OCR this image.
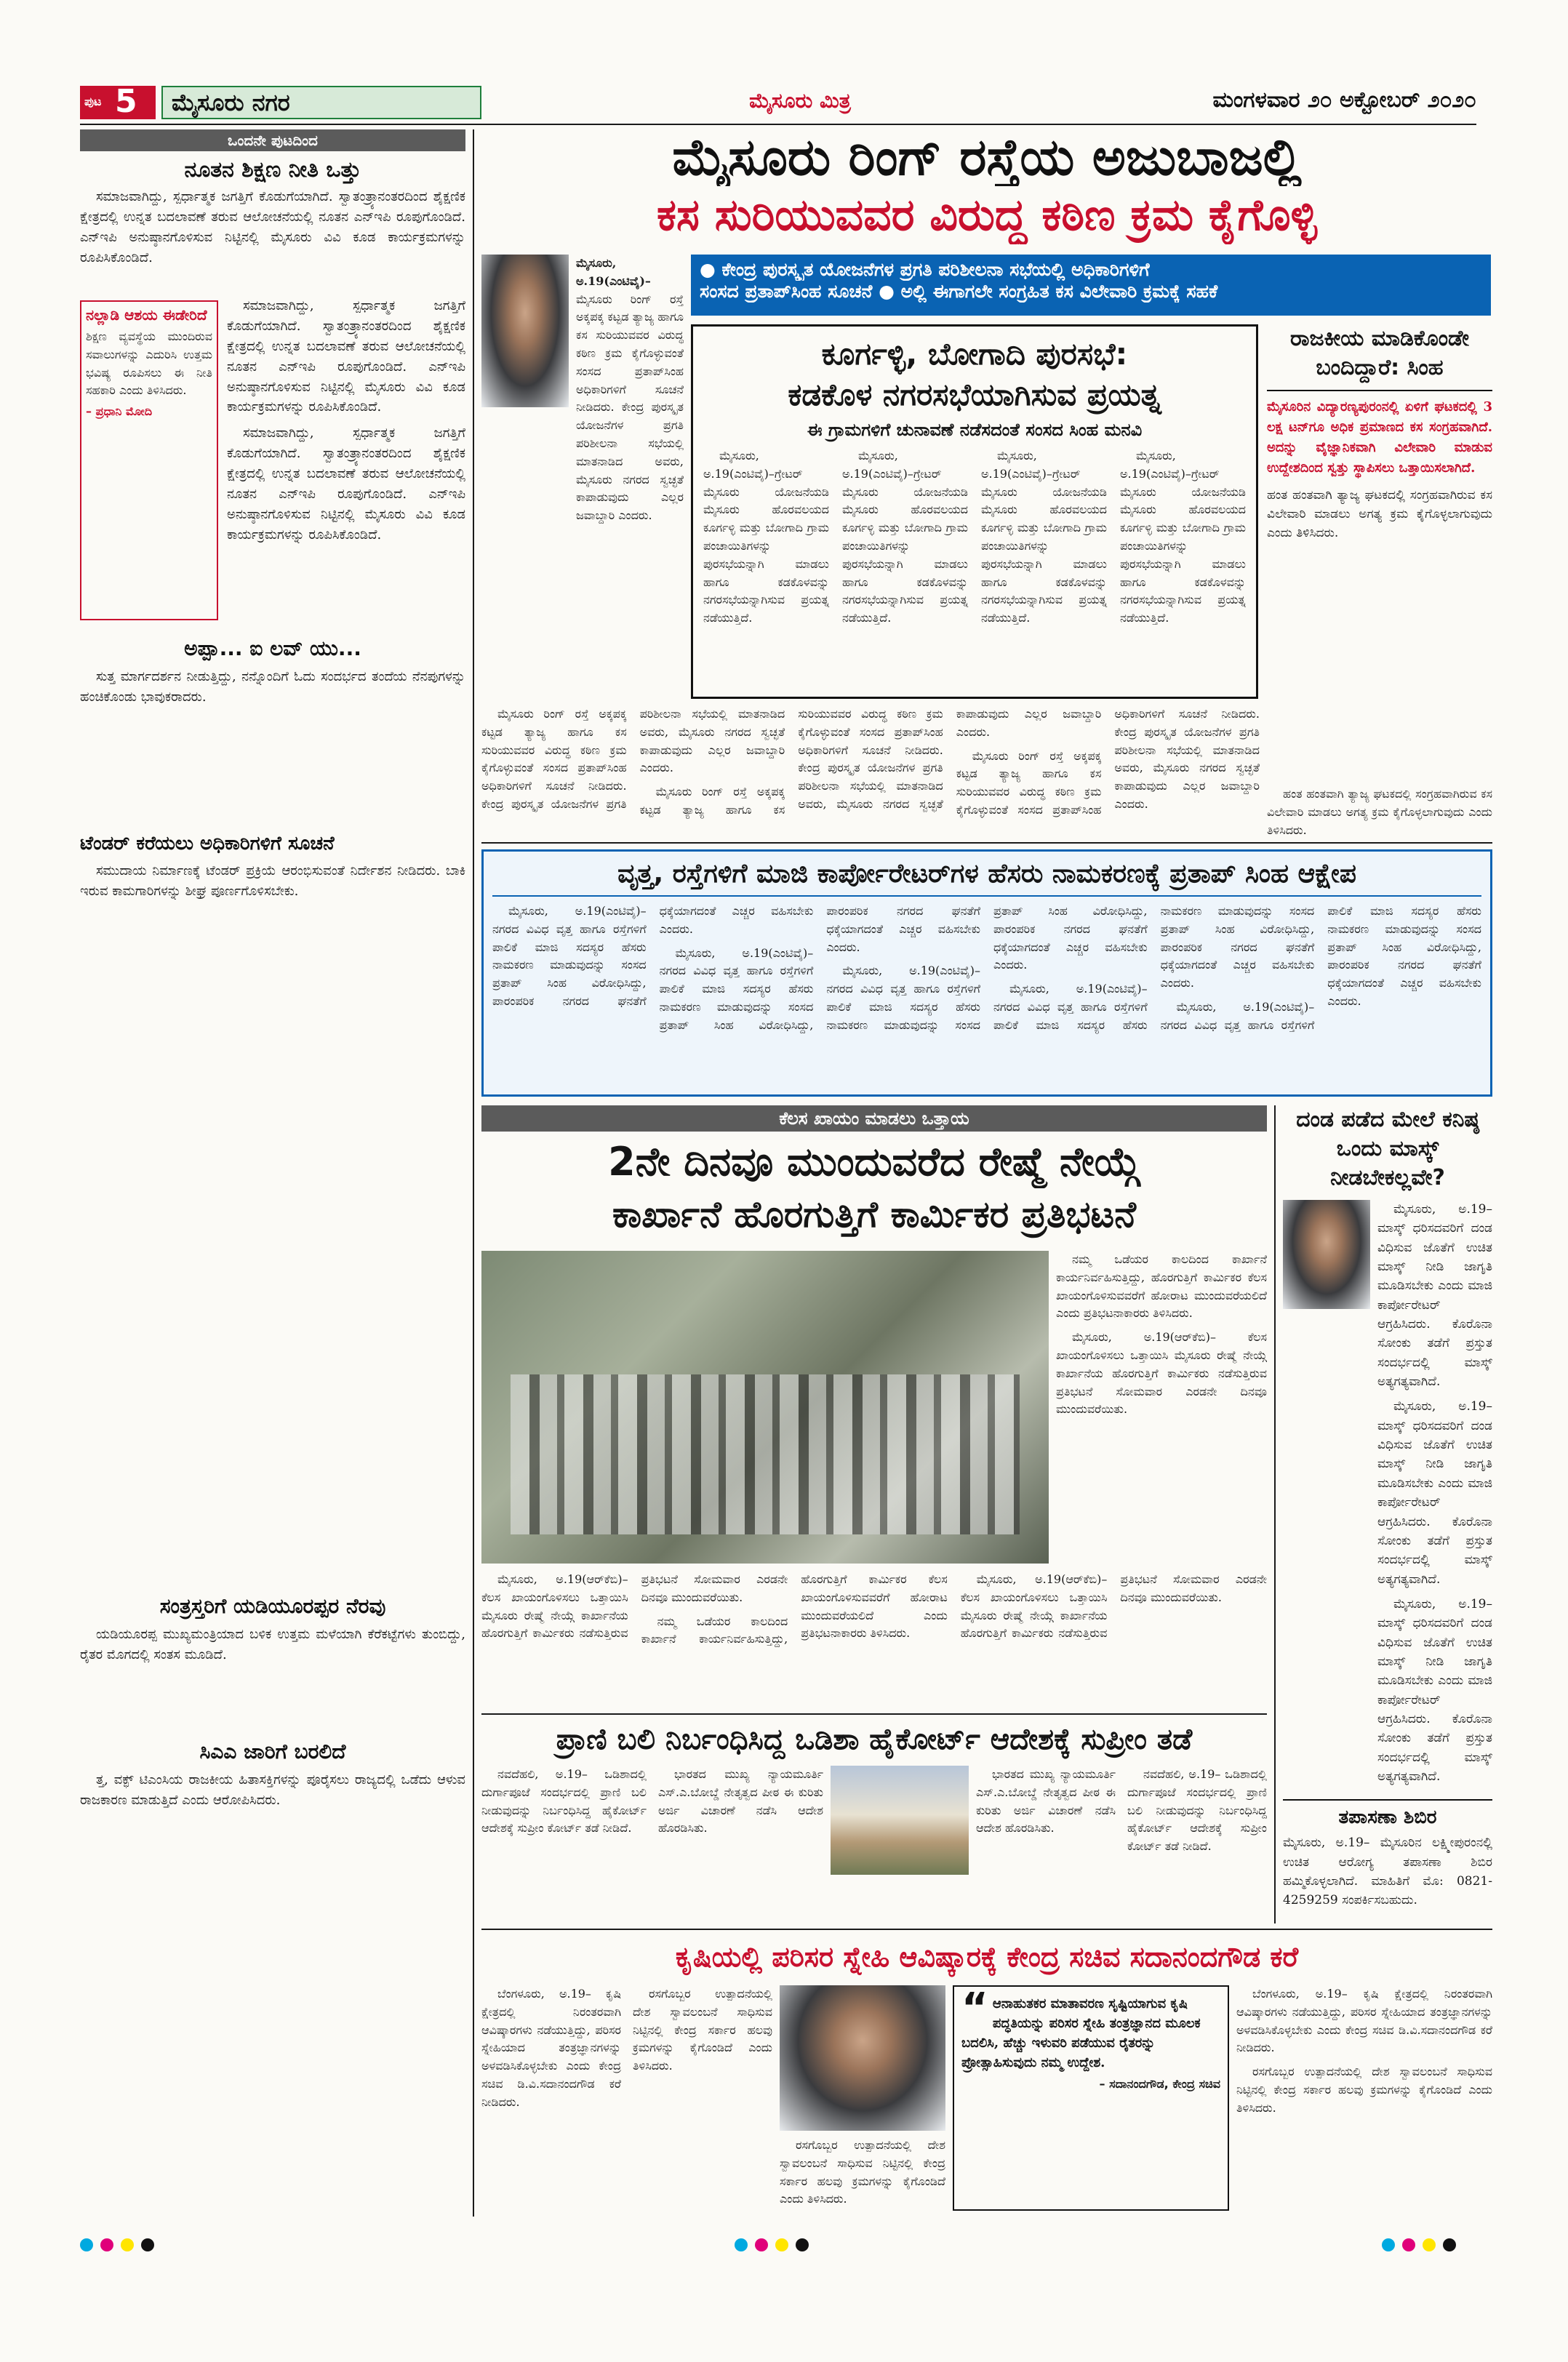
ಪುಟ 5	ಮೈಸೂರು ನಗರ	ಮೈಸೂರು ಮಿತ್ರ	ಮಂಗಳವಾರ ೨೦ ಅಕ್ಟೋಬರ್ ೨೦೨೦
ಒಂದನೇ ಪುಟದಿಂದ
ನೂತನ ಶಿಕ್ಷಣ ನೀತಿ ಒತ್ತು

ಸಮಾಜವಾಗಿದ್ದು, ಸ್ಪರ್ಧಾತ್ಮಕ ಜಗತ್ತಿಗೆ ಕೊಡುಗೆಯಾಗಿದೆ. ಸ್ವಾತಂತ್ರ್ಯಾನಂತರದಿಂದ ಶೈಕ್ಷಣಿಕ ಕ್ಷೇತ್ರದಲ್ಲಿ ಉನ್ನತ ಬದಲಾವಣೆ ತರುವ ಆಲೋಚನೆಯಲ್ಲಿ ನೂತನ ಎನ್‌ಇಪಿ ರೂಪುಗೊಂಡಿದೆ. ಎನ್‌ಇಪಿ ಅನುಷ್ಠಾನಗೊಳಿಸುವ ನಿಟ್ಟಿನಲ್ಲಿ ಮೈಸೂರು ವಿವಿ ಕೂಡ ಕಾರ್ಯಕ್ರಮಗಳನ್ನು ರೂಪಿಸಿಕೊಂಡಿದೆ.

ನಲ್ಲಾಡಿ ಆಶಯ ಈಡೇರಿದೆ
ಶಿಕ್ಷಣ ವ್ಯವಸ್ಥೆಯ ಮುಂದಿರುವ ಸವಾಲುಗಳನ್ನು ಎದುರಿಸಿ ಉತ್ತಮ ಭವಿಷ್ಯ ರೂಪಿಸಲು ಈ ನೀತಿ ಸಹಕಾರಿ ಎಂದು ತಿಳಿಸಿದರು.
– ಪ್ರಧಾನಿ ಮೋದಿ

ಸಮಾಜವಾಗಿದ್ದು, ಸ್ಪರ್ಧಾತ್ಮಕ ಜಗತ್ತಿಗೆ ಕೊಡುಗೆಯಾಗಿದೆ. ಸ್ವಾತಂತ್ರ್ಯಾನಂತರದಿಂದ ಶೈಕ್ಷಣಿಕ ಕ್ಷೇತ್ರದಲ್ಲಿ ಉನ್ನತ ಬದಲಾವಣೆ ತರುವ ಆಲೋಚನೆಯಲ್ಲಿ ನೂತನ ಎನ್‌ಇಪಿ ರೂಪುಗೊಂಡಿದೆ. ಎನ್‌ಇಪಿ ಅನುಷ್ಠಾನಗೊಳಿಸುವ ನಿಟ್ಟಿನಲ್ಲಿ ಮೈಸೂರು ವಿವಿ ಕೂಡ ಕಾರ್ಯಕ್ರಮಗಳನ್ನು ರೂಪಿಸಿಕೊಂಡಿದೆ.

ಸಮಾಜವಾಗಿದ್ದು, ಸ್ಪರ್ಧಾತ್ಮಕ ಜಗತ್ತಿಗೆ ಕೊಡುಗೆಯಾಗಿದೆ. ಸ್ವಾತಂತ್ರ್ಯಾನಂತರದಿಂದ ಶೈಕ್ಷಣಿಕ ಕ್ಷೇತ್ರದಲ್ಲಿ ಉನ್ನತ ಬದಲಾವಣೆ ತರುವ ಆಲೋಚನೆಯಲ್ಲಿ ನೂತನ ಎನ್‌ಇಪಿ ರೂಪುಗೊಂಡಿದೆ. ಎನ್‌ಇಪಿ ಅನುಷ್ಠಾನಗೊಳಿಸುವ ನಿಟ್ಟಿನಲ್ಲಿ ಮೈಸೂರು ವಿವಿ ಕೂಡ ಕಾರ್ಯಕ್ರಮಗಳನ್ನು ರೂಪಿಸಿಕೊಂಡಿದೆ.

ಅಪ್ಪಾ... ಐ ಲವ್ ಯು...

ಸುತ್ತ ಮಾರ್ಗದರ್ಶನ ನೀಡುತ್ತಿದ್ದು, ನನ್ನೊಂದಿಗೆ ಓದು ಸಂದರ್ಭದ ತಂದೆಯ ನೆನಪುಗಳನ್ನು ಹಂಚಿಕೊಂಡು ಭಾವುಕರಾದರು.

ಟೆಂಡರ್ ಕರೆಯಲು ಅಧಿಕಾರಿಗಳಿಗೆ ಸೂಚನೆ

ಸಮುದಾಯ ನಿರ್ಮಾಣಕ್ಕೆ ಟೆಂಡರ್ ಪ್ರಕ್ರಿಯೆ ಆರಂಭಿಸುವಂತೆ ನಿರ್ದೇಶನ ನೀಡಿದರು. ಬಾಕಿ ಇರುವ ಕಾಮಗಾರಿಗಳನ್ನು ಶೀಘ್ರ ಪೂರ್ಣಗೊಳಿಸಬೇಕು.

ಸಂತ್ರಸ್ತರಿಗೆ ಯಡಿಯೂರಪ್ಪರ ನೆರವು

ಯಡಿಯೂರಪ್ಪ ಮುಖ್ಯಮಂತ್ರಿಯಾದ ಬಳಿಕ ಉತ್ತಮ ಮಳೆಯಾಗಿ ಕೆರೆಕಟ್ಟೆಗಳು ತುಂಬಿದ್ದು, ರೈತರ ಮೊಗದಲ್ಲಿ ಸಂತಸ ಮೂಡಿದೆ.

ಸಿಎಎ ಜಾರಿಗೆ ಬರಲಿದೆ

ತ್ತ, ವಕ್ಫ್ ಟಿಎಂಸಿಯ ರಾಜಕೀಯ ಹಿತಾಸಕ್ತಿಗಳನ್ನು ಪೂರೈಸಲು ರಾಜ್ಯದಲ್ಲಿ ಒಡೆದು ಆಳುವ ರಾಜಕಾರಣ ಮಾಡುತ್ತಿದೆ ಎಂದು ಆರೋಪಿಸಿದರು.

ಮೈಸೂರು ರಿಂಗ್ ರಸ್ತೆಯ ಅಜುಬಾಜಲ್ಲಿ
ಕಸ ಸುರಿಯುವವರ ವಿರುದ್ಧ ಕಠಿಣ ಕ್ರಮ ಕೈಗೊಳ್ಳಿ
ಮೈಸೂರು, ಅ.19(ಎಂಟಿವೈ)– ಮೈಸೂರು ರಿಂಗ್ ರಸ್ತೆ ಅಕ್ಕಪಕ್ಕ ಕಟ್ಟಡ ತ್ಯಾಜ್ಯ ಹಾಗೂ ಕಸ ಸುರಿಯುವವರ ವಿರುದ್ಧ ಕಠಿಣ ಕ್ರಮ ಕೈಗೊಳ್ಳುವಂತೆ ಸಂಸದ ಪ್ರತಾಪ್‌ಸಿಂಹ ಅಧಿಕಾರಿಗಳಿಗೆ ಸೂಚನೆ ನೀಡಿದರು. ಕೇಂದ್ರ ಪುರಸ್ಕೃತ ಯೋಜನೆಗಳ ಪ್ರಗತಿ ಪರಿಶೀಲನಾ ಸಭೆಯಲ್ಲಿ ಮಾತನಾಡಿದ ಅವರು, ಮೈಸೂರು ನಗರದ ಸ್ವಚ್ಛತೆ ಕಾಪಾಡುವುದು ಎಲ್ಲರ ಜವಾಬ್ದಾರಿ ಎಂದರು.
● ಕೇಂದ್ರ ಪುರಸ್ಕೃತ ಯೋಜನೆಗಳ ಪ್ರಗತಿ ಪರಿಶೀಲನಾ ಸಭೆಯಲ್ಲಿ ಅಧಿಕಾರಿಗಳಿಗೆ
ಸಂಸದ ಪ್ರತಾಪ್‌ಸಿಂಹ ಸೂಚನೆ ● ಅಲ್ಲಿ ಈಗಾಗಲೇ ಸಂಗ್ರಹಿತ ಕಸ ವಿಲೇವಾರಿ ಕ್ರಮಕ್ಕೆ ಸಹಕೆ
ಕೂರ್ಗಳ್ಳಿ, ಬೋಗಾದಿ ಪುರಸಭೆ:
ಕಡಕೊಳ ನಗರಸಭೆಯಾಗಿಸುವ ಪ್ರಯತ್ನ
ಈ ಗ್ರಾಮಗಳಿಗೆ ಚುನಾವಣೆ ನಡೆಸದಂತೆ ಸಂಸದ ಸಿಂಹ ಮನವಿ

ಮೈಸೂರು, ಅ.19(ಎಂಟಿವೈ)–ಗ್ರೇಟರ್ ಮೈಸೂರು ಯೋಜನೆಯಡಿ ಮೈಸೂರು ಹೊರವಲಯದ ಕೂರ್ಗಳ್ಳಿ ಮತ್ತು ಬೋಗಾದಿ ಗ್ರಾಮ ಪಂಚಾಯಿತಿಗಳನ್ನು ಪುರಸಭೆಯನ್ನಾಗಿ ಮಾಡಲು ಹಾಗೂ ಕಡಕೊಳವನ್ನು ನಗರಸಭೆಯನ್ನಾಗಿಸುವ ಪ್ರಯತ್ನ ನಡೆಯುತ್ತಿದೆ.

ಮೈಸೂರು, ಅ.19(ಎಂಟಿವೈ)–ಗ್ರೇಟರ್ ಮೈಸೂರು ಯೋಜನೆಯಡಿ ಮೈಸೂರು ಹೊರವಲಯದ ಕೂರ್ಗಳ್ಳಿ ಮತ್ತು ಬೋಗಾದಿ ಗ್ರಾಮ ಪಂಚಾಯಿತಿಗಳನ್ನು ಪುರಸಭೆಯನ್ನಾಗಿ ಮಾಡಲು ಹಾಗೂ ಕಡಕೊಳವನ್ನು ನಗರಸಭೆಯನ್ನಾಗಿಸುವ ಪ್ರಯತ್ನ ನಡೆಯುತ್ತಿದೆ.

ಮೈಸೂರು, ಅ.19(ಎಂಟಿವೈ)–ಗ್ರೇಟರ್ ಮೈಸೂರು ಯೋಜನೆಯಡಿ ಮೈಸೂರು ಹೊರವಲಯದ ಕೂರ್ಗಳ್ಳಿ ಮತ್ತು ಬೋಗಾದಿ ಗ್ರಾಮ ಪಂಚಾಯಿತಿಗಳನ್ನು ಪುರಸಭೆಯನ್ನಾಗಿ ಮಾಡಲು ಹಾಗೂ ಕಡಕೊಳವನ್ನು ನಗರಸಭೆಯನ್ನಾಗಿಸುವ ಪ್ರಯತ್ನ ನಡೆಯುತ್ತಿದೆ.

ಮೈಸೂರು, ಅ.19(ಎಂಟಿವೈ)–ಗ್ರೇಟರ್ ಮೈಸೂರು ಯೋಜನೆಯಡಿ ಮೈಸೂರು ಹೊರವಲಯದ ಕೂರ್ಗಳ್ಳಿ ಮತ್ತು ಬೋಗಾದಿ ಗ್ರಾಮ ಪಂಚಾಯಿತಿಗಳನ್ನು ಪುರಸಭೆಯನ್ನಾಗಿ ಮಾಡಲು ಹಾಗೂ ಕಡಕೊಳವನ್ನು ನಗರಸಭೆಯನ್ನಾಗಿಸುವ ಪ್ರಯತ್ನ ನಡೆಯುತ್ತಿದೆ.

ರಾಜಕೀಯ ಮಾಡಿಕೊಂಡೇ ಬಂದಿದ್ದಾರೆ: ಸಿಂಹ
ಮೈಸೂರಿನ ವಿದ್ಯಾರಣ್ಯಪುರಂನಲ್ಲಿ ಏಳಿಗೆ ಘಟಕದಲ್ಲಿ 3 ಲಕ್ಷ ಟನ್‌ಗೂ ಅಧಿಕ ಪ್ರಮಾಣದ ಕಸ ಸಂಗ್ರಹವಾಗಿದೆ. ಅದನ್ನು ವೈಜ್ಞಾನಿಕವಾಗಿ ವಿಲೇವಾರಿ ಮಾಡುವ ಉದ್ದೇಶದಿಂದ ಸ್ವತ್ತು ಸ್ಥಾಪಿಸಲು ಒತ್ತಾಯಿಸಲಾಗಿದೆ.
ಹಂತ ಹಂತವಾಗಿ ತ್ಯಾಜ್ಯ ಘಟಕದಲ್ಲಿ ಸಂಗ್ರಹವಾಗಿರುವ ಕಸ ವಿಲೇವಾರಿ ಮಾಡಲು ಅಗತ್ಯ ಕ್ರಮ ಕೈಗೊಳ್ಳಲಾಗುವುದು ಎಂದು ತಿಳಿಸಿದರು.

ಮೈಸೂರು ರಿಂಗ್ ರಸ್ತೆ ಅಕ್ಕಪಕ್ಕ ಕಟ್ಟಡ ತ್ಯಾಜ್ಯ ಹಾಗೂ ಕಸ ಸುರಿಯುವವರ ವಿರುದ್ಧ ಕಠಿಣ ಕ್ರಮ ಕೈಗೊಳ್ಳುವಂತೆ ಸಂಸದ ಪ್ರತಾಪ್‌ಸಿಂಹ ಅಧಿಕಾರಿಗಳಿಗೆ ಸೂಚನೆ ನೀಡಿದರು. ಕೇಂದ್ರ ಪುರಸ್ಕೃತ ಯೋಜನೆಗಳ ಪ್ರಗತಿ ಪರಿಶೀಲನಾ ಸಭೆಯಲ್ಲಿ ಮಾತನಾಡಿದ ಅವರು, ಮೈಸೂರು ನಗರದ ಸ್ವಚ್ಛತೆ ಕಾಪಾಡುವುದು ಎಲ್ಲರ ಜವಾಬ್ದಾರಿ ಎಂದರು.

ಮೈಸೂರು ರಿಂಗ್ ರಸ್ತೆ ಅಕ್ಕಪಕ್ಕ ಕಟ್ಟಡ ತ್ಯಾಜ್ಯ ಹಾಗೂ ಕಸ ಸುರಿಯುವವರ ವಿರುದ್ಧ ಕಠಿಣ ಕ್ರಮ ಕೈಗೊಳ್ಳುವಂತೆ ಸಂಸದ ಪ್ರತಾಪ್‌ಸಿಂಹ ಅಧಿಕಾರಿಗಳಿಗೆ ಸೂಚನೆ ನೀಡಿದರು. ಕೇಂದ್ರ ಪುರಸ್ಕೃತ ಯೋಜನೆಗಳ ಪ್ರಗತಿ ಪರಿಶೀಲನಾ ಸಭೆಯಲ್ಲಿ ಮಾತನಾಡಿದ ಅವರು, ಮೈಸೂರು ನಗರದ ಸ್ವಚ್ಛತೆ ಕಾಪಾಡುವುದು ಎಲ್ಲರ ಜವಾಬ್ದಾರಿ ಎಂದರು.

ಮೈಸೂರು ರಿಂಗ್ ರಸ್ತೆ ಅಕ್ಕಪಕ್ಕ ಕಟ್ಟಡ ತ್ಯಾಜ್ಯ ಹಾಗೂ ಕಸ ಸುರಿಯುವವರ ವಿರುದ್ಧ ಕಠಿಣ ಕ್ರಮ ಕೈಗೊಳ್ಳುವಂತೆ ಸಂಸದ ಪ್ರತಾಪ್‌ಸಿಂಹ ಅಧಿಕಾರಿಗಳಿಗೆ ಸೂಚನೆ ನೀಡಿದರು. ಕೇಂದ್ರ ಪುರಸ್ಕೃತ ಯೋಜನೆಗಳ ಪ್ರಗತಿ ಪರಿಶೀಲನಾ ಸಭೆಯಲ್ಲಿ ಮಾತನಾಡಿದ ಅವರು, ಮೈಸೂರು ನಗರದ ಸ್ವಚ್ಛತೆ ಕಾಪಾಡುವುದು ಎಲ್ಲರ ಜವಾಬ್ದಾರಿ ಎಂದರು.

ಹಂತ ಹಂತವಾಗಿ ತ್ಯಾಜ್ಯ ಘಟಕದಲ್ಲಿ ಸಂಗ್ರಹವಾಗಿರುವ ಕಸ ವಿಲೇವಾರಿ ಮಾಡಲು ಅಗತ್ಯ ಕ್ರಮ ಕೈಗೊಳ್ಳಲಾಗುವುದು ಎಂದು ತಿಳಿಸಿದರು.

ವೃತ್ತ, ರಸ್ತೆಗಳಿಗೆ ಮಾಜಿ ಕಾರ್ಪೋರೇಟರ್‌ಗಳ ಹೆಸರು ನಾಮಕರಣಕ್ಕೆ ಪ್ರತಾಪ್ ಸಿಂಹ ಆಕ್ಷೇಪ

ಮೈಸೂರು, ಅ.19(ಎಂಟಿವೈ)– ನಗರದ ವಿವಿಧ ವೃತ್ತ ಹಾಗೂ ರಸ್ತೆಗಳಿಗೆ ಪಾಲಿಕೆ ಮಾಜಿ ಸದಸ್ಯರ ಹೆಸರು ನಾಮಕರಣ ಮಾಡುವುದನ್ನು ಸಂಸದ ಪ್ರತಾಪ್ ಸಿಂಹ ವಿರೋಧಿಸಿದ್ದು, ಪಾರಂಪರಿಕ ನಗರದ ಘನತೆಗೆ ಧಕ್ಕೆಯಾಗದಂತೆ ಎಚ್ಚರ ವಹಿಸಬೇಕು ಎಂದರು.

ಮೈಸೂರು, ಅ.19(ಎಂಟಿವೈ)– ನಗರದ ವಿವಿಧ ವೃತ್ತ ಹಾಗೂ ರಸ್ತೆಗಳಿಗೆ ಪಾಲಿಕೆ ಮಾಜಿ ಸದಸ್ಯರ ಹೆಸರು ನಾಮಕರಣ ಮಾಡುವುದನ್ನು ಸಂಸದ ಪ್ರತಾಪ್ ಸಿಂಹ ವಿರೋಧಿಸಿದ್ದು, ಪಾರಂಪರಿಕ ನಗರದ ಘನತೆಗೆ ಧಕ್ಕೆಯಾಗದಂತೆ ಎಚ್ಚರ ವಹಿಸಬೇಕು ಎಂದರು.

ಮೈಸೂರು, ಅ.19(ಎಂಟಿವೈ)– ನಗರದ ವಿವಿಧ ವೃತ್ತ ಹಾಗೂ ರಸ್ತೆಗಳಿಗೆ ಪಾಲಿಕೆ ಮಾಜಿ ಸದಸ್ಯರ ಹೆಸರು ನಾಮಕರಣ ಮಾಡುವುದನ್ನು ಸಂಸದ ಪ್ರತಾಪ್ ಸಿಂಹ ವಿರೋಧಿಸಿದ್ದು, ಪಾರಂಪರಿಕ ನಗರದ ಘನತೆಗೆ ಧಕ್ಕೆಯಾಗದಂತೆ ಎಚ್ಚರ ವಹಿಸಬೇಕು ಎಂದರು.

ಮೈಸೂರು, ಅ.19(ಎಂಟಿವೈ)– ನಗರದ ವಿವಿಧ ವೃತ್ತ ಹಾಗೂ ರಸ್ತೆಗಳಿಗೆ ಪಾಲಿಕೆ ಮಾಜಿ ಸದಸ್ಯರ ಹೆಸರು ನಾಮಕರಣ ಮಾಡುವುದನ್ನು ಸಂಸದ ಪ್ರತಾಪ್ ಸಿಂಹ ವಿರೋಧಿಸಿದ್ದು, ಪಾರಂಪರಿಕ ನಗರದ ಘನತೆಗೆ ಧಕ್ಕೆಯಾಗದಂತೆ ಎಚ್ಚರ ವಹಿಸಬೇಕು ಎಂದರು.

ಮೈಸೂರು, ಅ.19(ಎಂಟಿವೈ)– ನಗರದ ವಿವಿಧ ವೃತ್ತ ಹಾಗೂ ರಸ್ತೆಗಳಿಗೆ ಪಾಲಿಕೆ ಮಾಜಿ ಸದಸ್ಯರ ಹೆಸರು ನಾಮಕರಣ ಮಾಡುವುದನ್ನು ಸಂಸದ ಪ್ರತಾಪ್ ಸಿಂಹ ವಿರೋಧಿಸಿದ್ದು, ಪಾರಂಪರಿಕ ನಗರದ ಘನತೆಗೆ ಧಕ್ಕೆಯಾಗದಂತೆ ಎಚ್ಚರ ವಹಿಸಬೇಕು ಎಂದರು.

ಕೆಲಸ ಖಾಯಂ ಮಾಡಲು ಒತ್ತಾಯ
2ನೇ ದಿನವೂ ಮುಂದುವರೆದ ರೇಷ್ಮೆ ನೇಯ್ಗೆ
ಕಾರ್ಖಾನೆ ಹೊರಗುತ್ತಿಗೆ ಕಾರ್ಮಿಕರ ಪ್ರತಿಭಟನೆ

ನಮ್ಮ ಒಡೆಯರ ಕಾಲದಿಂದ ಕಾರ್ಖಾನೆ ಕಾರ್ಯನಿರ್ವಹಿಸುತ್ತಿದ್ದು, ಹೊರಗುತ್ತಿಗೆ ಕಾರ್ಮಿಕರ ಕೆಲಸ ಖಾಯಂಗೊಳಿಸುವವರೆಗೆ ಹೋರಾಟ ಮುಂದುವರೆಯಲಿದೆ ಎಂದು ಪ್ರತಿಭಟನಾಕಾರರು ತಿಳಿಸಿದರು.

ಮೈಸೂರು, ಅ.19(ಆರ್‌ಕೆಬಿ)– ಕೆಲಸ ಖಾಯಂಗೊಳಿಸಲು ಒತ್ತಾಯಿಸಿ ಮೈಸೂರು ರೇಷ್ಮೆ ನೇಯ್ಗೆ ಕಾರ್ಖಾನೆಯ ಹೊರಗುತ್ತಿಗೆ ಕಾರ್ಮಿಕರು ನಡೆಸುತ್ತಿರುವ ಪ್ರತಿಭಟನೆ ಸೋಮವಾರ ಎರಡನೇ ದಿನವೂ ಮುಂದುವರೆಯಿತು.

ಮೈಸೂರು, ಅ.19(ಆರ್‌ಕೆಬಿ)– ಕೆಲಸ ಖಾಯಂಗೊಳಿಸಲು ಒತ್ತಾಯಿಸಿ ಮೈಸೂರು ರೇಷ್ಮೆ ನೇಯ್ಗೆ ಕಾರ್ಖಾನೆಯ ಹೊರಗುತ್ತಿಗೆ ಕಾರ್ಮಿಕರು ನಡೆಸುತ್ತಿರುವ ಪ್ರತಿಭಟನೆ ಸೋಮವಾರ ಎರಡನೇ ದಿನವೂ ಮುಂದುವರೆಯಿತು.

ನಮ್ಮ ಒಡೆಯರ ಕಾಲದಿಂದ ಕಾರ್ಖಾನೆ ಕಾರ್ಯನಿರ್ವಹಿಸುತ್ತಿದ್ದು, ಹೊರಗುತ್ತಿಗೆ ಕಾರ್ಮಿಕರ ಕೆಲಸ ಖಾಯಂಗೊಳಿಸುವವರೆಗೆ ಹೋರಾಟ ಮುಂದುವರೆಯಲಿದೆ ಎಂದು ಪ್ರತಿಭಟನಾಕಾರರು ತಿಳಿಸಿದರು.

ಮೈಸೂರು, ಅ.19(ಆರ್‌ಕೆಬಿ)– ಕೆಲಸ ಖಾಯಂಗೊಳಿಸಲು ಒತ್ತಾಯಿಸಿ ಮೈಸೂರು ರೇಷ್ಮೆ ನೇಯ್ಗೆ ಕಾರ್ಖಾನೆಯ ಹೊರಗುತ್ತಿಗೆ ಕಾರ್ಮಿಕರು ನಡೆಸುತ್ತಿರುವ ಪ್ರತಿಭಟನೆ ಸೋಮವಾರ ಎರಡನೇ ದಿನವೂ ಮುಂದುವರೆಯಿತು.

ದಂಡ ಪಡೆದ ಮೇಲೆ ಕನಿಷ್ಠ ಒಂದು ಮಾಸ್ಕ್ ನೀಡಬೇಕಲ್ಲವೇ?

ಮೈಸೂರು, ಅ.19– ಮಾಸ್ಕ್ ಧರಿಸದವರಿಗೆ ದಂಡ ವಿಧಿಸುವ ಜೊತೆಗೆ ಉಚಿತ ಮಾಸ್ಕ್ ನೀಡಿ ಜಾಗೃತಿ ಮೂಡಿಸಬೇಕು ಎಂದು ಮಾಜಿ ಕಾರ್ಪೋರೇಟರ್ ಆಗ್ರಹಿಸಿದರು. ಕೊರೊನಾ ಸೋಂಕು ತಡೆಗೆ ಪ್ರಸ್ತುತ ಸಂದರ್ಭದಲ್ಲಿ ಮಾಸ್ಕ್ ಅತ್ಯಗತ್ಯವಾಗಿದೆ.

ಮೈಸೂರು, ಅ.19– ಮಾಸ್ಕ್ ಧರಿಸದವರಿಗೆ ದಂಡ ವಿಧಿಸುವ ಜೊತೆಗೆ ಉಚಿತ ಮಾಸ್ಕ್ ನೀಡಿ ಜಾಗೃತಿ ಮೂಡಿಸಬೇಕು ಎಂದು ಮಾಜಿ ಕಾರ್ಪೋರೇಟರ್ ಆಗ್ರಹಿಸಿದರು. ಕೊರೊನಾ ಸೋಂಕು ತಡೆಗೆ ಪ್ರಸ್ತುತ ಸಂದರ್ಭದಲ್ಲಿ ಮಾಸ್ಕ್ ಅತ್ಯಗತ್ಯವಾಗಿದೆ.

ಮೈಸೂರು, ಅ.19– ಮಾಸ್ಕ್ ಧರಿಸದವರಿಗೆ ದಂಡ ವಿಧಿಸುವ ಜೊತೆಗೆ ಉಚಿತ ಮಾಸ್ಕ್ ನೀಡಿ ಜಾಗೃತಿ ಮೂಡಿಸಬೇಕು ಎಂದು ಮಾಜಿ ಕಾರ್ಪೋರೇಟರ್ ಆಗ್ರಹಿಸಿದರು. ಕೊರೊನಾ ಸೋಂಕು ತಡೆಗೆ ಪ್ರಸ್ತುತ ಸಂದರ್ಭದಲ್ಲಿ ಮಾಸ್ಕ್ ಅತ್ಯಗತ್ಯವಾಗಿದೆ.

ತಪಾಸಣಾ ಶಿಬಿರ
ಮೈಸೂರು, ಅ.19– ಮೈಸೂರಿನ ಲಕ್ಷ್ಮೀಪುರಂನಲ್ಲಿ ಉಚಿತ ಆರೋಗ್ಯ ತಪಾಸಣಾ ಶಿಬಿರ ಹಮ್ಮಿಕೊಳ್ಳಲಾಗಿದೆ. ಮಾಹಿತಿಗೆ ಮೊ: 0821-4259259 ಸಂಪರ್ಕಿಸಬಹುದು.
ಪ್ರಾಣಿ ಬಲಿ ನಿರ್ಬಂಧಿಸಿದ್ದ ಒಡಿಶಾ ಹೈಕೋರ್ಟ್ ಆದೇಶಕ್ಕೆ ಸುಪ್ರೀಂ ತಡೆ

ನವದೆಹಲಿ, ಅ.19– ಒಡಿಶಾದಲ್ಲಿ ದುರ್ಗಾಪೂಜೆ ಸಂದರ್ಭದಲ್ಲಿ ಪ್ರಾಣಿ ಬಲಿ ನೀಡುವುದನ್ನು ನಿರ್ಬಂಧಿಸಿದ್ದ ಹೈಕೋರ್ಟ್ ಆದೇಶಕ್ಕೆ ಸುಪ್ರೀಂ ಕೋರ್ಟ್ ತಡೆ ನೀಡಿದೆ.

ಭಾರತದ ಮುಖ್ಯ ನ್ಯಾಯಮೂರ್ತಿ ಎಸ್.ಎ.ಬೋಬ್ಡೆ ನೇತೃತ್ವದ ಪೀಠ ಈ ಕುರಿತು ಅರ್ಜಿ ವಿಚಾರಣೆ ನಡೆಸಿ ಆದೇಶ ಹೊರಡಿಸಿತು.

ಭಾರತದ ಮುಖ್ಯ ನ್ಯಾಯಮೂರ್ತಿ ಎಸ್.ಎ.ಬೋಬ್ಡೆ ನೇತೃತ್ವದ ಪೀಠ ಈ ಕುರಿತು ಅರ್ಜಿ ವಿಚಾರಣೆ ನಡೆಸಿ ಆದೇಶ ಹೊರಡಿಸಿತು.

ನವದೆಹಲಿ, ಅ.19– ಒಡಿಶಾದಲ್ಲಿ ದುರ್ಗಾಪೂಜೆ ಸಂದರ್ಭದಲ್ಲಿ ಪ್ರಾಣಿ ಬಲಿ ನೀಡುವುದನ್ನು ನಿರ್ಬಂಧಿಸಿದ್ದ ಹೈಕೋರ್ಟ್ ಆದೇಶಕ್ಕೆ ಸುಪ್ರೀಂ ಕೋರ್ಟ್ ತಡೆ ನೀಡಿದೆ.

ಕೃಷಿಯಲ್ಲಿ ಪರಿಸರ ಸ್ನೇಹಿ ಆವಿಷ್ಕಾರಕ್ಕೆ ಕೇಂದ್ರ ಸಚಿವ ಸದಾನಂದಗೌಡ ಕರೆ

ಬೆಂಗಳೂರು, ಅ.19– ಕೃಷಿ ಕ್ಷೇತ್ರದಲ್ಲಿ ನಿರಂತರವಾಗಿ ಆವಿಷ್ಕಾರಗಳು ನಡೆಯುತ್ತಿದ್ದು, ಪರಿಸರ ಸ್ನೇಹಿಯಾದ ತಂತ್ರಜ್ಞಾನಗಳನ್ನು ಅಳವಡಿಸಿಕೊಳ್ಳಬೇಕು ಎಂದು ಕೇಂದ್ರ ಸಚಿವ ಡಿ.ವಿ.ಸದಾನಂದಗೌಡ ಕರೆ ನೀಡಿದರು.

ರಸಗೊಬ್ಬರ ಉತ್ಪಾದನೆಯಲ್ಲಿ ದೇಶ ಸ್ವಾವಲಂಬನೆ ಸಾಧಿಸುವ ನಿಟ್ಟಿನಲ್ಲಿ ಕೇಂದ್ರ ಸರ್ಕಾರ ಹಲವು ಕ್ರಮಗಳನ್ನು ಕೈಗೊಂಡಿದೆ ಎಂದು ತಿಳಿಸಿದರು.

ರಸಗೊಬ್ಬರ ಉತ್ಪಾದನೆಯಲ್ಲಿ ದೇಶ ಸ್ವಾವಲಂಬನೆ ಸಾಧಿಸುವ ನಿಟ್ಟಿನಲ್ಲಿ ಕೇಂದ್ರ ಸರ್ಕಾರ ಹಲವು ಕ್ರಮಗಳನ್ನು ಕೈಗೊಂಡಿದೆ ಎಂದು ತಿಳಿಸಿದರು.

“ ಆನಾಹುತಕರ ಮಾತಾವರಣ ಸೃಷ್ಟಿಯಾಗುವ ಕೃಷಿ ಪದ್ಧತಿಯನ್ನು ಪರಿಸರ ಸ್ನೇಹಿ ತಂತ್ರಜ್ಞಾನದ ಮೂಲಕ ಬದಲಿಸಿ, ಹೆಚ್ಚು ಇಳುವರಿ ಪಡೆಯುವ ರೈತರನ್ನು ಪ್ರೋತ್ಸಾಹಿಸುವುದು ನಮ್ಮ ಉದ್ದೇಶ.
– ಸದಾನಂದಗೌಡ, ಕೇಂದ್ರ ಸಚಿವ

ಬೆಂಗಳೂರು, ಅ.19– ಕೃಷಿ ಕ್ಷೇತ್ರದಲ್ಲಿ ನಿರಂತರವಾಗಿ ಆವಿಷ್ಕಾರಗಳು ನಡೆಯುತ್ತಿದ್ದು, ಪರಿಸರ ಸ್ನೇಹಿಯಾದ ತಂತ್ರಜ್ಞಾನಗಳನ್ನು ಅಳವಡಿಸಿಕೊಳ್ಳಬೇಕು ಎಂದು ಕೇಂದ್ರ ಸಚಿವ ಡಿ.ವಿ.ಸದಾನಂದಗೌಡ ಕರೆ ನೀಡಿದರು.

ರಸಗೊಬ್ಬರ ಉತ್ಪಾದನೆಯಲ್ಲಿ ದೇಶ ಸ್ವಾವಲಂಬನೆ ಸಾಧಿಸುವ ನಿಟ್ಟಿನಲ್ಲಿ ಕೇಂದ್ರ ಸರ್ಕಾರ ಹಲವು ಕ್ರಮಗಳನ್ನು ಕೈಗೊಂಡಿದೆ ಎಂದು ತಿಳಿಸಿದರು.
